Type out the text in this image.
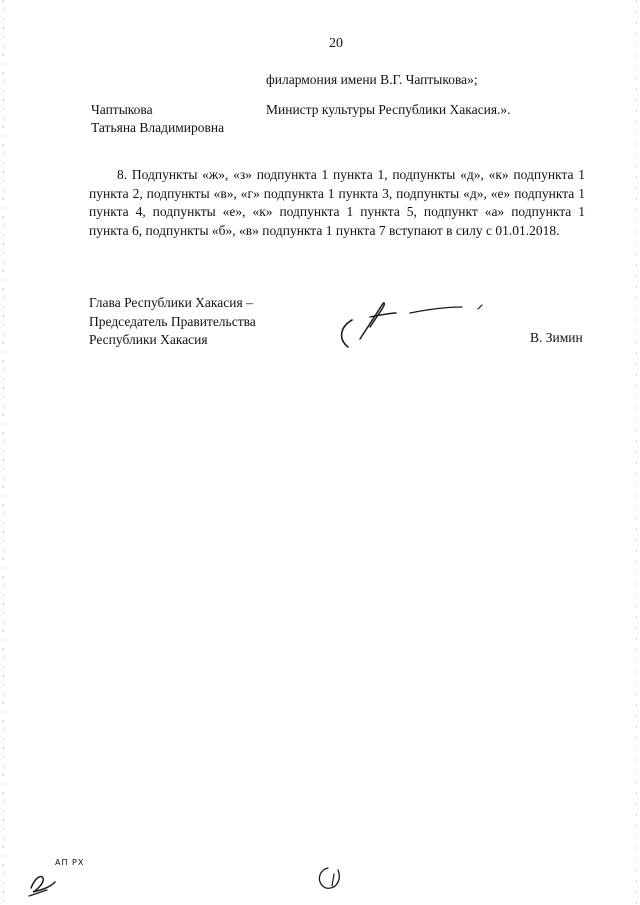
20
филармония имени В.Г. Чаптыкова»;
Чаптыкова
Татьяна Владимировна
Министр культуры Республики Хакасия.».
8. Подпункты «ж», «з» подпункта 1 пункта 1, подпункты «д», «к» подпункта 1 пункта 2, подпункты «в», «г» подпункта 1 пункта 3, подпункты «д», «е» подпункта 1 пункта 4, подпункты «е», «к» подпункта 1 пункта 5, подпункт «а» подпункта 1 пункта 6, подпункты «б», «в» подпункта 1 пункта 7 вступают в силу с 01.01.2018.
Глава Республики Хакасия –
Председатель Правительства
Республики Хакасия	В. Зимин
АП РХ
